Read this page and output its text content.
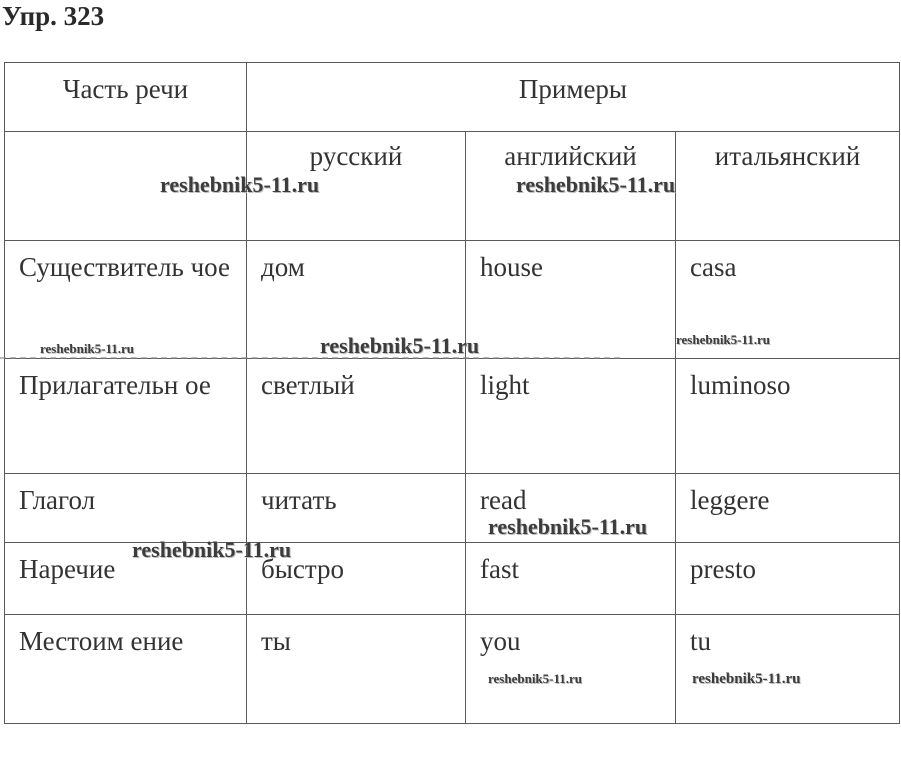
Упр. 323
Часть речи	Примеры		
	русский	английский	итальянский
Существитель чое	дом	house	casa
Прилагательн ое	светлый	light	luminoso
Глагол	читать	read	leggere
Наречие	быстро	fast	presto
Местоим ение	ты	you	tu
reshebnik5-11.ru	reshebnik5-11.ru
reshebnik5-11.ru	reshebnik5-11.ru	reshebnik5-11.ru
reshebnik5-11.ru
reshebnik5-11.ru
reshebnik5-11.ru	reshebnik5-11.ru
